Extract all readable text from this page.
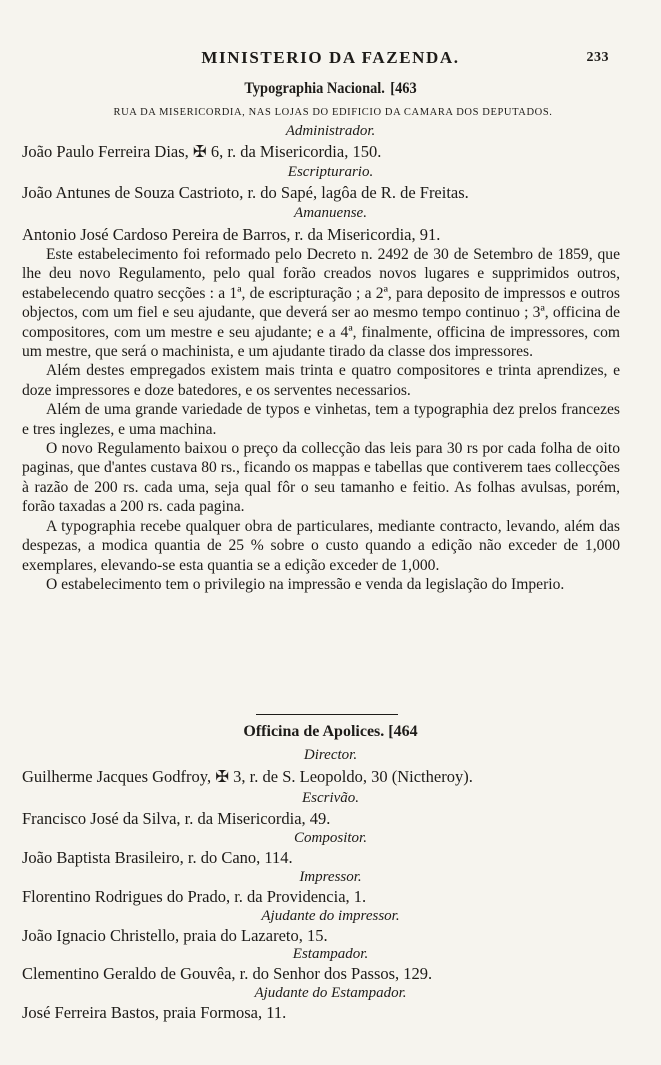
MINISTERIO DA FAZENDA.	233
Typographia Nacional. [463
RUA DA MISERICORDIA, NAS LOJAS DO EDIFICIO DA CAMARA DOS DEPUTADOS.
Administrador.
João Paulo Ferreira Dias, ✠ 6, r. da Misericordia, 150.
Escripturario.
João Antunes de Souza Castrioto, r. do Sapé, lagôa de R. de Freitas.
Amanuense.
Antonio José Cardoso Pereira de Barros, r. da Misericordia, 91.

Este estabelecimento foi reformado pelo Decreto n. 2492 de 30 de Setembro de 1859, que lhe deu novo Regulamento, pelo qual forão creados novos lugares e supprimidos outros, estabelecendo quatro secções : a 1ª, de escripturação ; a 2ª, para deposito de impressos e outros objectos, com um fiel e seu ajudante, que deverá ser ao mesmo tempo continuo ; 3ª, officina de compositores, com um mestre e seu ajudante; e a 4ª, finalmente, officina de impressores, com um mestre, que será o machinista, e um ajudante tirado da classe dos impressores.

Além destes empregados existem mais trinta e quatro compositores e trinta aprendizes, e doze impressores e doze batedores, e os serventes necessarios.

Além de uma grande variedade de typos e vinhetas, tem a typographia dez prelos francezes e tres inglezes, e uma machina.

O novo Regulamento baixou o preço da collecção das leis para 30 rs por cada folha de oito paginas, que d'antes custava 80 rs., ficando os mappas e tabellas que contiverem taes collecções à razão de 200 rs. cada uma, seja qual fôr o seu tamanho e feitio. As folhas avulsas, porém, forão taxadas a 200 rs. cada pagina.

A typographia recebe qualquer obra de particulares, mediante contracto, levando, além das despezas, a modica quantia de 25 % sobre o custo quando a edição não exceder de 1,000 exemplares, elevando-se esta quantia se a edição exceder de 1,000.

O estabelecimento tem o privilegio na impressão e venda da legislação do Imperio.

Officina de Apolices. [464
Director.
Guilherme Jacques Godfroy, ✠ 3, r. de S. Leopoldo, 30 (Nictheroy).
Escrivão.
Francisco José da Silva, r. da Misericordia, 49.
Compositor.
João Baptista Brasileiro, r. do Cano, 114.
Impressor.
Florentino Rodrigues do Prado, r. da Providencia, 1.
Ajudante do impressor.
João Ignacio Christello, praia do Lazareto, 15.
Estampador.
Clementino Geraldo de Gouvêa, r. do Senhor dos Passos, 129.
Ajudante do Estampador.
José Ferreira Bastos, praia Formosa, 11.
